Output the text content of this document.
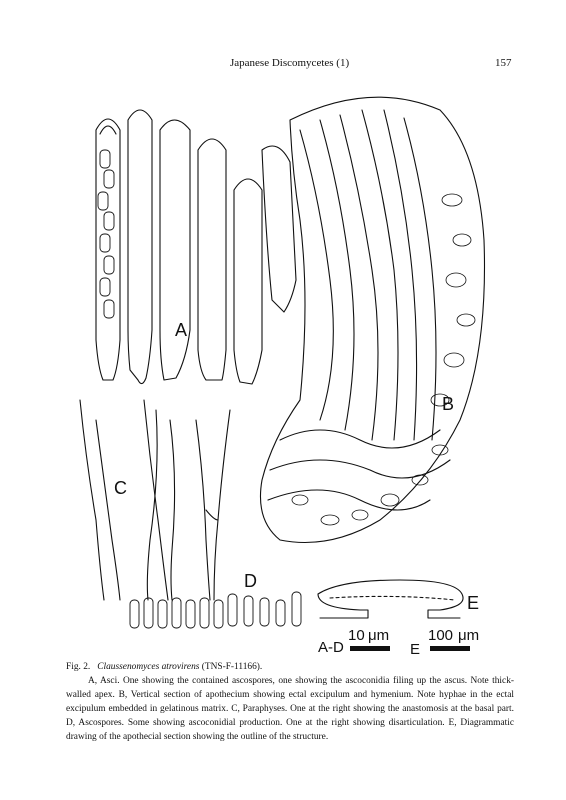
Japanese Discomycetes (1)	157
A
B
C
D
E
A-D
10 μm
E
100 μm

Fig. 2. Claussenomyces atrovirens (TNS-F-11166).

A, Asci. One showing the contained ascospores, one showing the ascoconidia filing up the ascus. Note thick-walled apex. B, Vertical section of apothecium showing ectal excipulum and hymenium. Note hyphae in the ectal excipulum embedded in gelatinous matrix. C, Paraphyses. One at the right showing the anastomosis at the basal part. D, Ascospores. Some showing ascoconidial production. One at the right showing disarticulation. E, Diagrammatic drawing of the apothecial section showing the outline of the structure.
